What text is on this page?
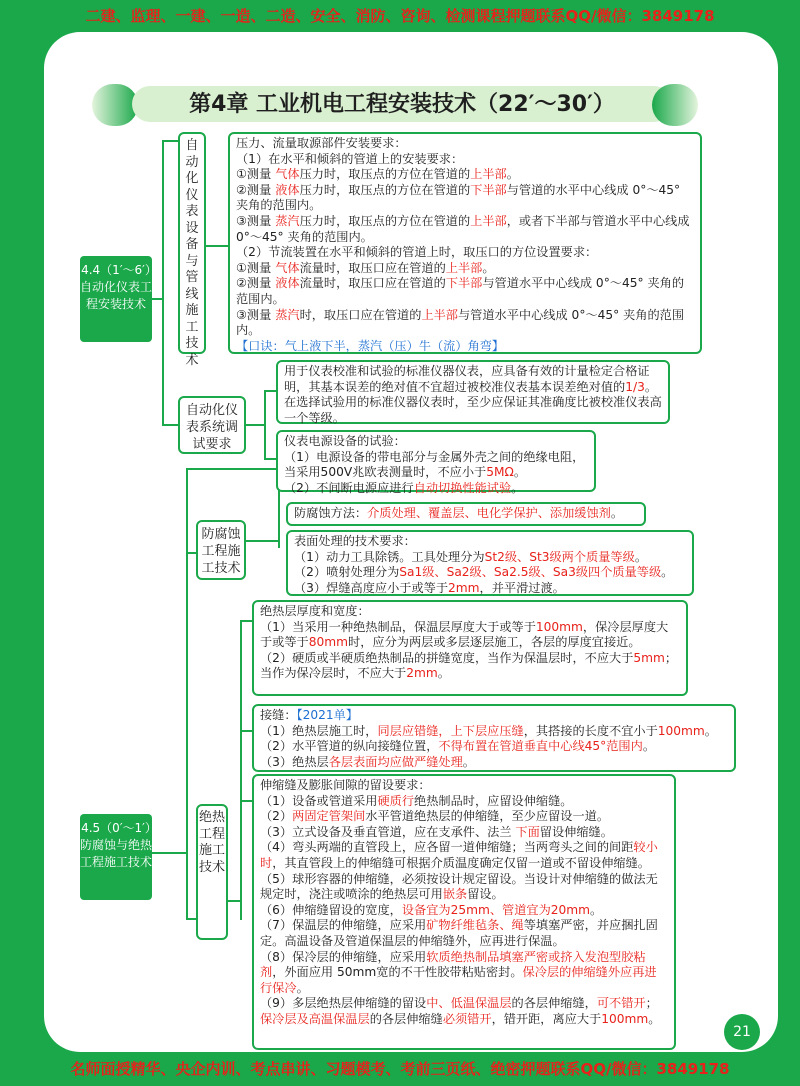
二建、监理、一建、一造、二造、安全、消防、咨询、检测课程押题联系QQ/微信：3849178
第4章 工业机电工程安装技术（22′～30′）
4.4（1′～6′）自动化仪表工程安装技术
自动化仪表设备与管线施工技术
压力、流量取源部件安装要求：
（1）在水平和倾斜的管道上的安装要求：
①测量 气体压力时，取压点的方位在管道的上半部。
②测量 液体压力时，取压点的方位在管道的下半部与管道的水平中心线成 0°～45° 夹角的范围内。
③测量 蒸汽压力时，取压点的方位在管道的上半部，或者下半部与管道水平中心线成 0°～45° 夹角的范围内。
（2）节流装置在水平和倾斜的管道上时，取压口的方位设置要求：
①测量 气体流量时，取压口应在管道的上半部。
②测量 液体流量时，取压口应在管道的下半部与管道水平中心线成 0°～45° 夹角的范围内。
③测量 蒸汽时，取压口应在管道的上半部与管道水平中心线成 0°～45° 夹角的范围内。
【口诀：气上液下半，蒸汽（压）牛（流）角弯】
自动化仪表系统调试要求
用于仪表校准和试验的标准仪器仪表，应具备有效的计量检定合格证明，其基本误差的绝对值不宜超过被校准仪表基本误差绝对值的1/3。在选择试验用的标准仪器仪表时，至少应保证其准确度比被校准仪表高一个等级。
仪表电源设备的试验：
（1）电源设备的带电部分与金属外壳之间的绝缘电阻，当采用500V兆欧表测量时，不应小于5MΩ。
（2）不间断电源应进行自动切换性能试验。
4.5（0′～1′）防腐蚀与绝热工程施工技术
防腐蚀工程施工技术
防腐蚀方法：介质处理、覆盖层、电化学保护、添加缓蚀剂。
表面处理的技术要求：
（1）动力工具除锈。工具处理分为St2级、St3级两个质量等级。
（2）喷射处理分为Sa1级、Sa2级、Sa2.5级、Sa3级四个质量等级。
（3）焊缝高度应小于或等于2mm，并平滑过渡。
绝热工程施工技术
绝热层厚度和宽度：
（1）当采用一种绝热制品，保温层厚度大于或等于100mm，保冷层厚度大于或等于80mm时，应分为两层或多层逐层施工，各层的厚度宜接近。
（2）硬质或半硬质绝热制品的拼缝宽度，当作为保温层时，不应大于5mm；当作为保冷层时，不应大于2mm。
接缝：【2021单】
（1）绝热层施工时，同层应错缝，上下层应压缝，其搭接的长度不宜小于100mm。
（2）水平管道的纵向接缝位置，不得布置在管道垂直中心线45°范围内。
（3）绝热层各层表面均应做严缝处理。
伸缩缝及膨胀间隙的留设要求：
（1）设备或管道采用硬质行绝热制品时，应留设伸缩缝。
（2）两固定管架间水平管道绝热层的伸缩缝，至少应留设一道。
（3）立式设备及垂直管道，应在支承件、法兰 下面留设伸缩缝。
（4）弯头两端的直管段上，应各留一道伸缩缝；当两弯头之间的间距较小时，其直管段上的伸缩缝可根据介质温度确定仅留一道或不留设伸缩缝。
（5）球形容器的伸缩缝，必须按设计规定留设。当设计对伸缩缝的做法无规定时，浇注或喷涂的绝热层可用嵌条留设。
（6）伸缩缝留设的宽度，设备宜为25mm、管道宜为20mm。
（7）保温层的伸缩缝，应采用矿物纤维毡条、绳等填塞严密，并应捆扎固定。高温设备及管道保温层的伸缩缝外，应再进行保温。
（8）保冷层的伸缩缝，应采用软质绝热制品填塞严密或挤入发泡型胶粘剂，外面应用 50mm宽的不干性胶带粘贴密封。保冷层的伸缩缝外应再进行保冷。
（9）多层绝热层伸缩缝的留设中、低温保温层的各层伸缩缝，可不错开；保冷层及高温保温层的各层伸缩缝必须错开，错开距，离应大于100mm。
21
名师面授精华、央企内训、考点串讲、习题模考、考前三页纸、绝密押题联系QQ/微信：3849178
